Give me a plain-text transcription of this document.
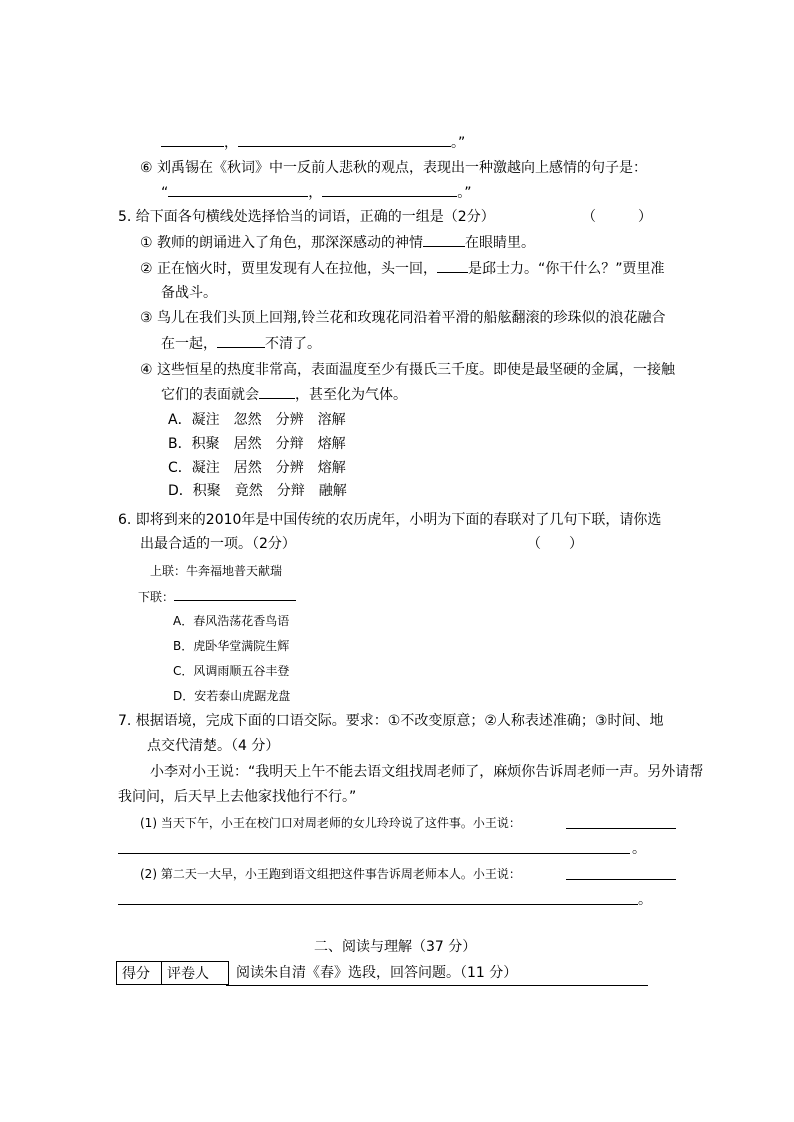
，	。”
⑥ 刘禹锡在《秋词》中一反前人悲秋的观点，表现出一种激越向上感情的句子是：
“	，	。”
5. 给下面各句横线处选择恰当的词语，正确的一组是（2分）	（　　　）
① 教师的朗诵进入了角色，那深深感动的神情	在眼睛里。
② 正在恼火时，贾里发现有人在拉他，头一回， 是邱士力。“你干什么？”贾里准
备战斗。
③ 鸟儿在我们头顶上回翔,铃兰花和玫瑰花同沿着平滑的船舷翻滚的珍珠似的浪花融合
在一起，	不清了。
④ 这些恒星的热度非常高，表面温度至少有摄氏三千度。即使是最坚硬的金属，一接触
它们的表面就会	，甚至化为气体。
A．凝注　忽然　分辨　溶解
B．积聚　居然　分辩　熔解
C．凝注　居然　分辨　熔解
D．积聚　竟然　分辩　融解
6. 即将到来的2010年是中国传统的农历虎年，小明为下面的春联对了几句下联，请你选
出最合适的一项。（2分）	（　　）
上联：牛奔福地普天献瑞
下联：
A．春风浩荡花香鸟语
B．虎卧华堂满院生辉
C．风调雨顺五谷丰登
D．安若泰山虎踞龙盘
7. 根据语境，完成下面的口语交际。要求：①不改变原意；②人称表述准确；③时间、地
点交代清楚。（4 分）
小李对小王说：“我明天上午不能去语文组找周老师了，麻烦你告诉周老师一声。另外请帮
我问问，后天早上去他家找他行不行。”
(1) 当天下午，小王在校门口对周老师的女儿玲玲说了这件事。小王说：
。
(2) 第二天一大早，小王跑到语文组把这件事告诉周老师本人。小王说：
。
二、阅读与理解（37 分）
得分	评卷人 阅读朱自清《春》选段，回答问题。（11 分）
